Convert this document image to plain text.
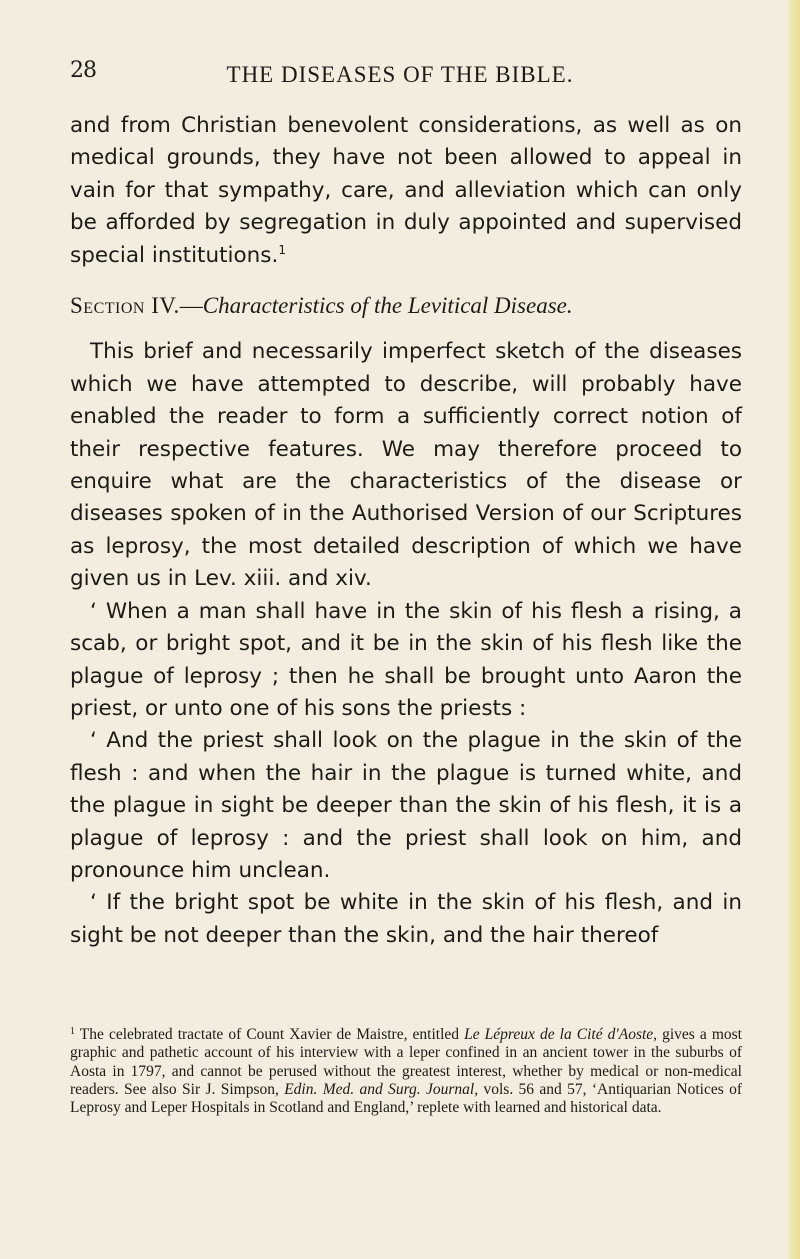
28	THE DISEASES OF THE BIBLE.

and from Christian benevolent considerations, as well as on medical grounds, they have not been allowed to appeal in vain for that sympathy, care, and alleviation which can only be afforded by segregation in duly appointed and supervised special institutions.$^1$

Section IV.—Characteristics of the Levitical Disease.

This brief and necessarily imperfect sketch of the diseases which we have attempted to describe, will probably have enabled the reader to form a sufficiently correct notion of their respective features. We may therefore proceed to enquire what are the characteristics of the disease or diseases spoken of in the Authorised Version of our Scriptures as leprosy, the most detailed description of which we have given us in Lev. xiii. and xiv.

‘ When a man shall have in the skin of his flesh a rising, a scab, or bright spot, and it be in the skin of his flesh like the plague of leprosy ; then he shall be brought unto Aaron the priest, or unto one of his sons the priests :

‘ And the priest shall look on the plague in the skin of the flesh : and when the hair in the plague is turned white, and the plague in sight be deeper than the skin of his flesh, it is a plague of leprosy : and the priest shall look on him, and pronounce him unclean.

‘ If the bright spot be white in the skin of his flesh, and in sight be not deeper than the skin, and the hair thereof

$^1$ The celebrated tractate of Count Xavier de Maistre, entitled Le Lépreux de la Cité d'Aoste, gives a most graphic and pathetic account of his interview with a leper confined in an ancient tower in the suburbs of Aosta in 1797, and cannot be perused without the greatest interest, whether by medical or non-medical readers. See also Sir J. Simpson, Edin. Med. and Surg. Journal, vols. 56 and 57, ‘Antiquarian Notices of Leprosy and Leper Hospitals in Scotland and England,’ replete with learned and historical data.
